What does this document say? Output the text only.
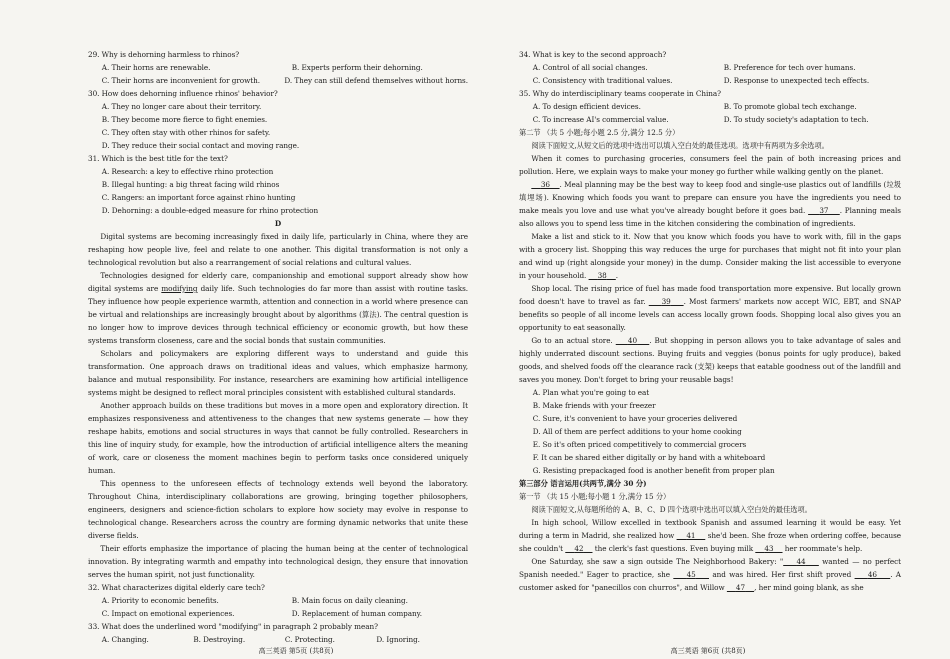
29. Why is dehorning harmless to rhinos?

A. Their horns are renewable.	B. Experts perform their dehorning.
C. Their horns are inconvenient for growth.	D. They can still defend themselves without horns.

30. How does dehorning influence rhinos' behavior?

A. They no longer care about their territory.

B. They become more fierce to fight enemies.

C. They often stay with other rhinos for safety.

D. They reduce their social contact and moving range.

31. Which is the best title for the text?

A. Research: a key to effective rhino protection

B. Illegal hunting: a big threat facing wild rhinos

C. Rangers: an important force against rhino hunting

D. Dehorning: a double-edged measure for rhino protection

D

Digital systems are becoming increasingly fixed in daily life, particularly in China, where they are reshaping how people live, feel and relate to one another. This digital transformation is not only a technological revolution but also a rearrangement of social relations and cultural values.

Technologies designed for elderly care, companionship and emotional support already show how digital systems are modifying daily life. Such technologies do far more than assist with routine tasks. They influence how people experience warmth, attention and connection in a world where presence can be virtual and relationships are increasingly brought about by algorithms (算法). The central question is no longer how to improve devices through technical efficiency or economic growth, but how these systems transform closeness, care and the social bonds that sustain communities.

Scholars and policymakers are exploring different ways to understand and guide this transformation. One approach draws on traditional ideas and values, which emphasize harmony, balance and mutual responsibility. For instance, researchers are examining how artificial intelligence systems might be designed to reflect moral principles consistent with established cultural standards.

Another approach builds on these traditions but moves in a more open and exploratory direction. It emphasizes responsiveness and attentiveness to the changes that new systems generate — how they reshape habits, emotions and social structures in ways that cannot be fully controlled. Researchers in this line of inquiry study, for example, how the introduction of artificial intelligence alters the meaning of work, care or closeness the moment machines begin to perform tasks once considered uniquely human.

This openness to the unforeseen effects of technology extends well beyond the laboratory. Throughout China, interdisciplinary collaborations are growing, bringing together philosophers, engineers, designers and science-fiction scholars to explore how society may evolve in response to technological change. Researchers across the country are forming dynamic networks that unite these diverse fields.

Their efforts emphasize the importance of placing the human being at the center of technological innovation. By integrating warmth and empathy into technological design, they ensure that innovation serves the human spirit, not just functionality.

32. What characterizes digital elderly care tech?

A. Priority to economic benefits.	B. Main focus on daily cleaning.
C. Impact on emotional experiences.	D. Replacement of human company.

33. What does the underlined word "modifying" in paragraph 2 probably mean?

A. Changing.	B. Destroying.	C. Protecting.	D. Ignoring.

34. What is key to the second approach?

A. Control of all social changes.	B. Preference for tech over humans.
C. Consistency with traditional values.	D. Response to unexpected tech effects.

35. Why do interdisciplinary teams cooperate in China?

A. To design efficient devices.	B. To promote global tech exchange.
C. To increase AI's commercial value.	D. To study society's adaptation to tech.

第二节 （共 5 小题;每小题 2.5 分,满分 12.5 分）

阅读下面短文,从短文后的选项中选出可以填入空白处的最佳选项。选项中有两项为多余选项。

When it comes to purchasing groceries, consumers feel the pain of both increasing prices and pollution. Here, we explain ways to make your money go further while walking gently on the planet.

36 . Meal planning may be the best way to keep food and single-use plastics out of landfills (垃圾填埋场). Knowing which foods you want to prepare can ensure you have the ingredients you need to make meals you love and use what you've already bought before it goes bad. 37 . Planning meals also allows you to spend less time in the kitchen considering the combination of ingredients.

Make a list and stick to it. Now that you know which foods you have to work with, fill in the gaps with a grocery list. Shopping this way reduces the urge for purchases that might not fit into your plan and wind up (right alongside your money) in the dump. Consider making the list accessible to everyone in your household. 38 .

Shop local. The rising price of fuel has made food transportation more expensive. But locally grown food doesn't have to travel as far. 39 . Most farmers' markets now accept WIC, EBT, and SNAP benefits so people of all income levels can access locally grown foods. Shopping local also gives you an opportunity to eat seasonally.

Go to an actual store. 40 . But shopping in person allows you to take advantage of sales and highly underrated discount sections. Buying fruits and veggies (bonus points for ugly produce), baked goods, and shelved foods off the clearance rack (支架) keeps that eatable goodness out of the landfill and saves you money. Don't forget to bring your reusable bags!

A. Plan what you're going to eat

B. Make friends with your freezer

C. Sure, it's convenient to have your groceries delivered

D. All of them are perfect additions to your home cooking

E. So it's often priced competitively to commercial grocers

F. It can be shared either digitally or by hand with a whiteboard

G. Resisting prepackaged food is another benefit from proper plan

第三部分 语言运用(共两节,满分 30 分)

第一节 （共 15 小题;每小题 1 分,满分 15 分）

阅读下面短文,从每题所给的 A、B、C、D 四个选项中选出可以填入空白处的最佳选项。

In high school, Willow excelled in textbook Spanish and assumed learning it would be easy. Yet during a term in Madrid, she realized how 41 she'd been. She froze when ordering coffee, because she couldn't 42 the clerk's fast questions. Even buying milk 43 her roommate's help.

One Saturday, she saw a sign outside The Neighborhood Bakery: " 44 wanted — no perfect Spanish needed." Eager to practice, she 45 and was hired. Her first shift proved 46 . A customer asked for "panecillos con churros", and Willow 47 , her mind going blank, as she

高三英语 第5页 (共8页)	高三英语 第6页 (共8页)
